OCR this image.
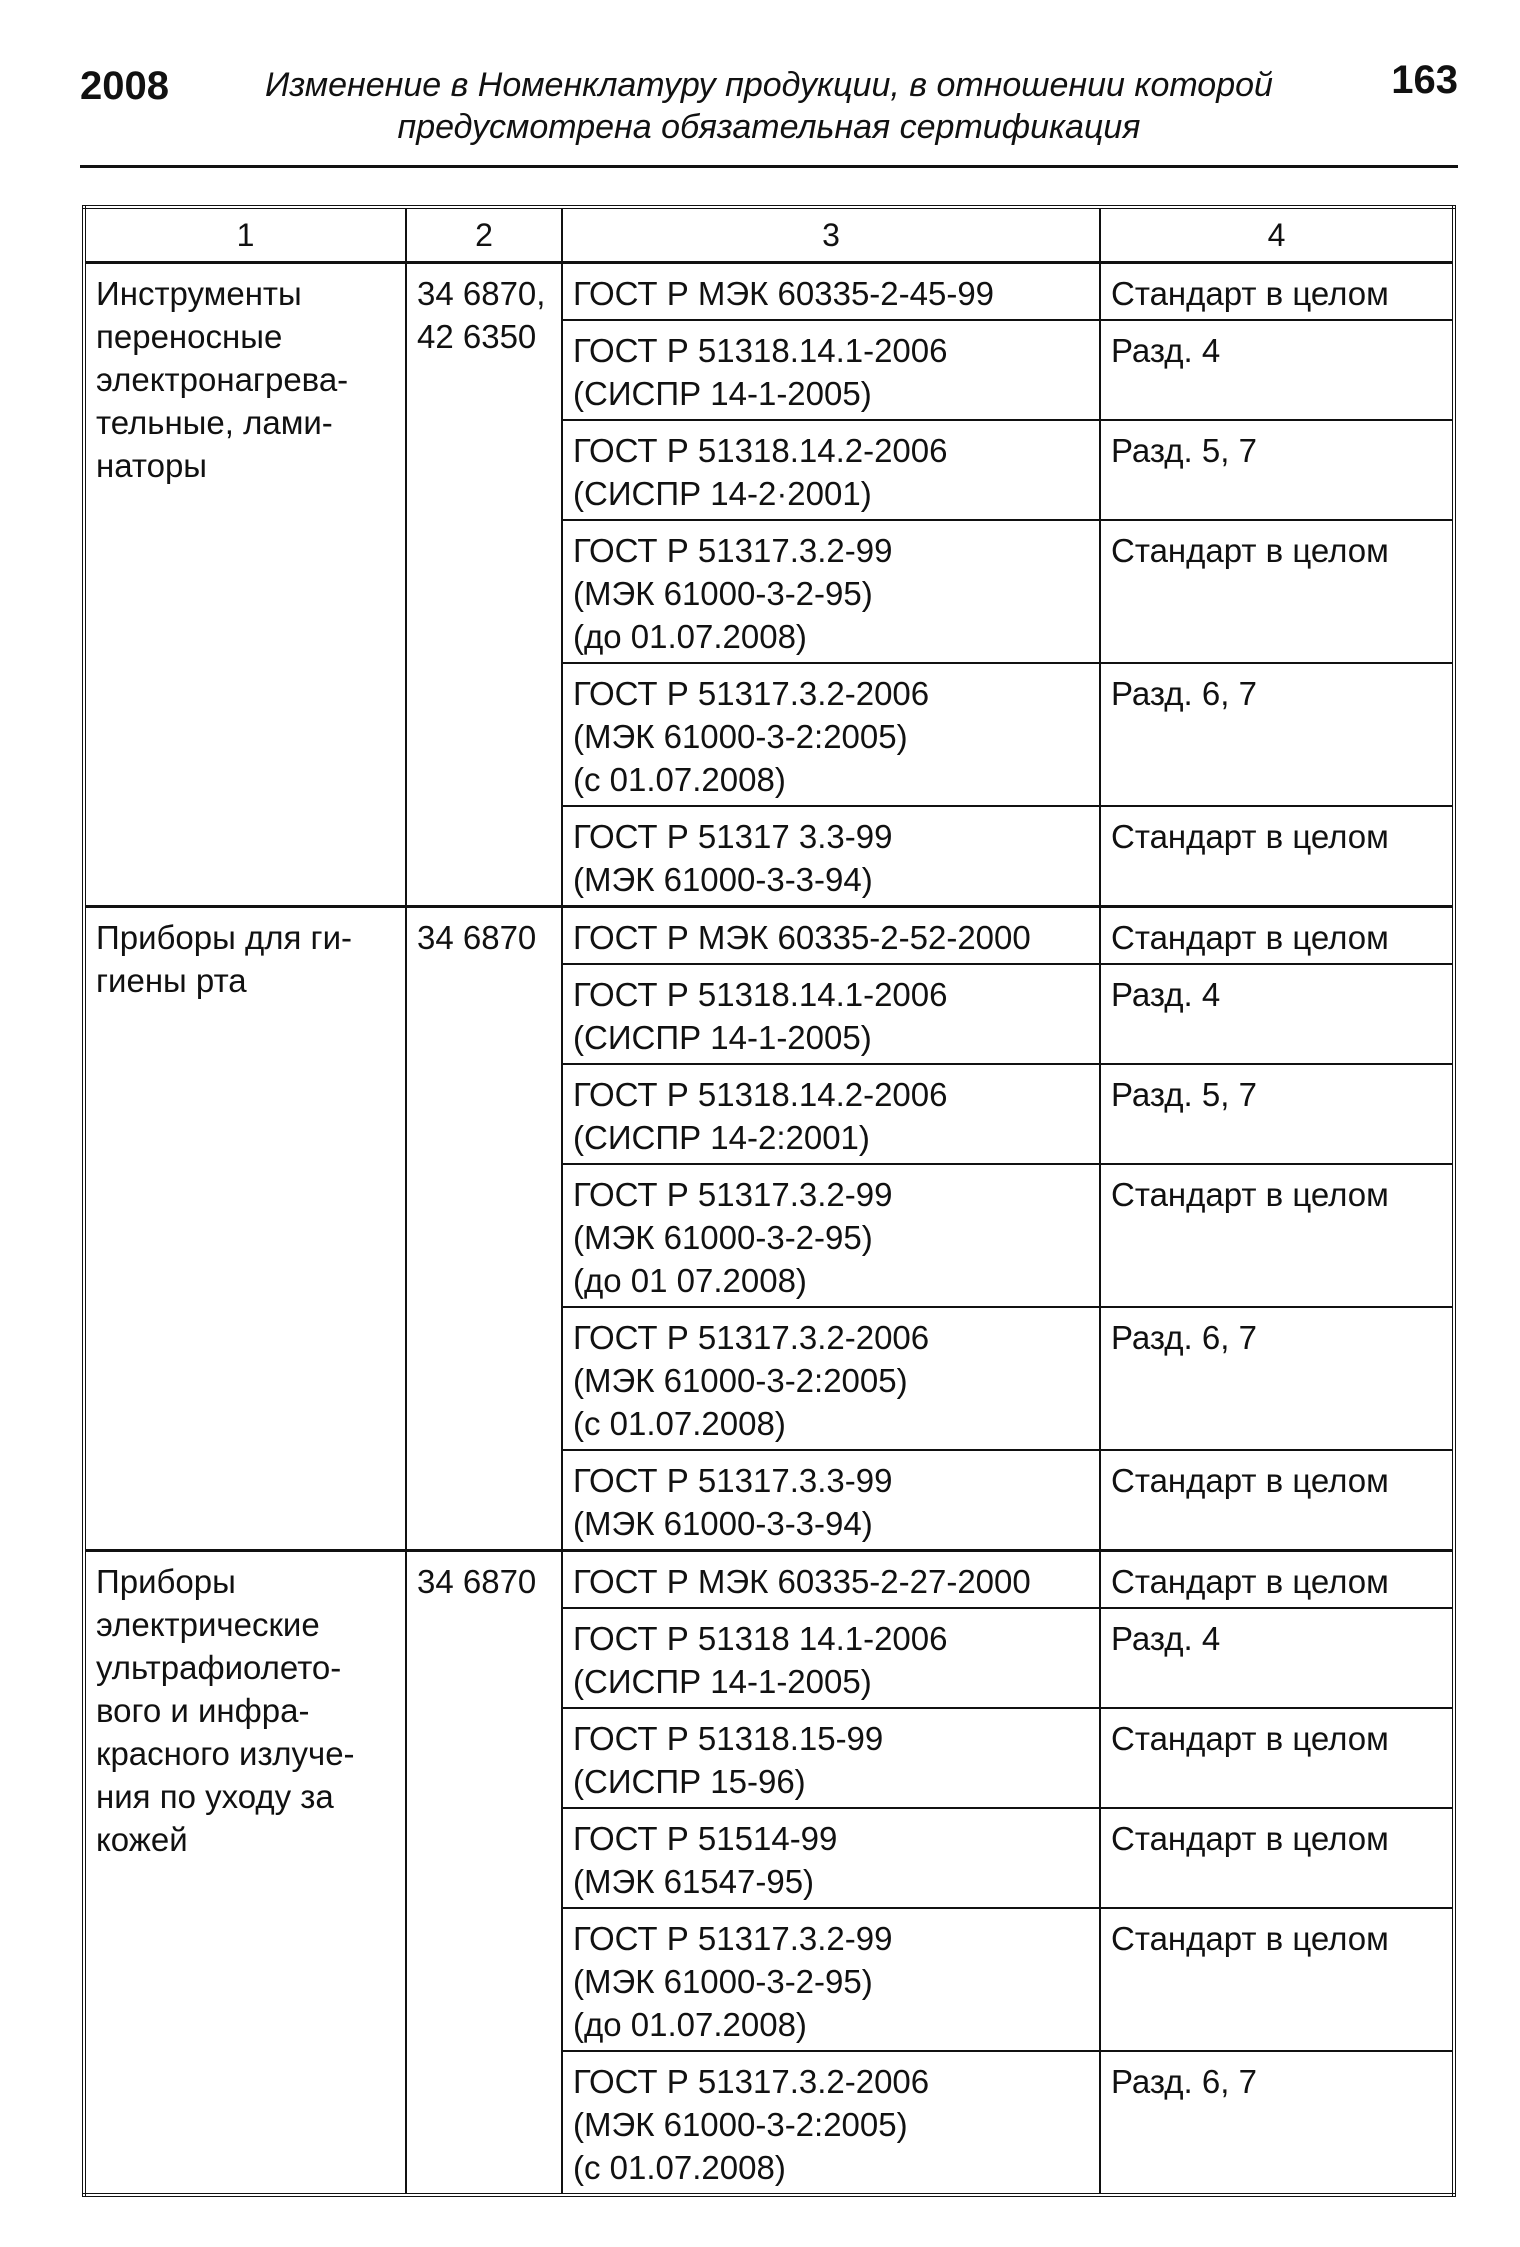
2008	Изменение в Номенклатуру продукции, в отношении которой предусмотрена обязательная сертификация
163
1	2	3	4
Инструменты переносные электронагрева- тельные, лами- наторы	34 6870, 42 6350	ГОСТ Р МЭК 60335-2-45-99	Стандарт в целом
		ГОСТ Р 51318.14.1-2006
(СИСПР 14-1-2005)	Разд. 4
		ГОСТ Р 51318.14.2-2006
(СИСПР 14-2·2001)	Разд. 5, 7
		ГОСТ Р 51317.3.2-99
(МЭК 61000-3-2-95)
(до 01.07.2008)	Стандарт в целом
		ГОСТ Р 51317.3.2-2006
(МЭК 61000-3-2:2005)
(с 01.07.2008)	Разд. 6, 7
		ГОСТ Р 51317 3.3-99
(МЭК 61000-3-3-94)	Стандарт в целом
Приборы для ги- гиены рта	34 6870	ГОСТ Р МЭК 60335-2-52-2000	Стандарт в целом
		ГОСТ Р 51318.14.1-2006
(СИСПР 14-1-2005)	Разд. 4
		ГОСТ Р 51318.14.2-2006
(СИСПР 14-2:2001)	Разд. 5, 7
		ГОСТ Р 51317.3.2-99
(МЭК 61000-3-2-95)
(до 01 07.2008)	Стандарт в целом
		ГОСТ Р 51317.3.2-2006
(МЭК 61000-3-2:2005)
(с 01.07.2008)	Разд. 6, 7
		ГОСТ Р 51317.3.3-99
(МЭК 61000-3-3-94)	Стандарт в целом
Приборы электрические ультрафиолето- вого и инфра- красного излуче- ния по уходу за кожей	34 6870	ГОСТ Р МЭК 60335-2-27-2000	Стандарт в целом
		ГОСТ Р 51318 14.1-2006
(СИСПР 14-1-2005)	Разд. 4
		ГОСТ Р 51318.15-99
(СИСПР 15-96)	Стандарт в целом
		ГОСТ Р 51514-99
(МЭК 61547-95)	Стандарт в целом
		ГОСТ Р 51317.3.2-99
(МЭК 61000-3-2-95)
(до 01.07.2008)	Стандарт в целом
		ГОСТ Р 51317.3.2-2006
(МЭК 61000-3-2:2005)
(с 01.07.2008)	Разд. 6, 7
